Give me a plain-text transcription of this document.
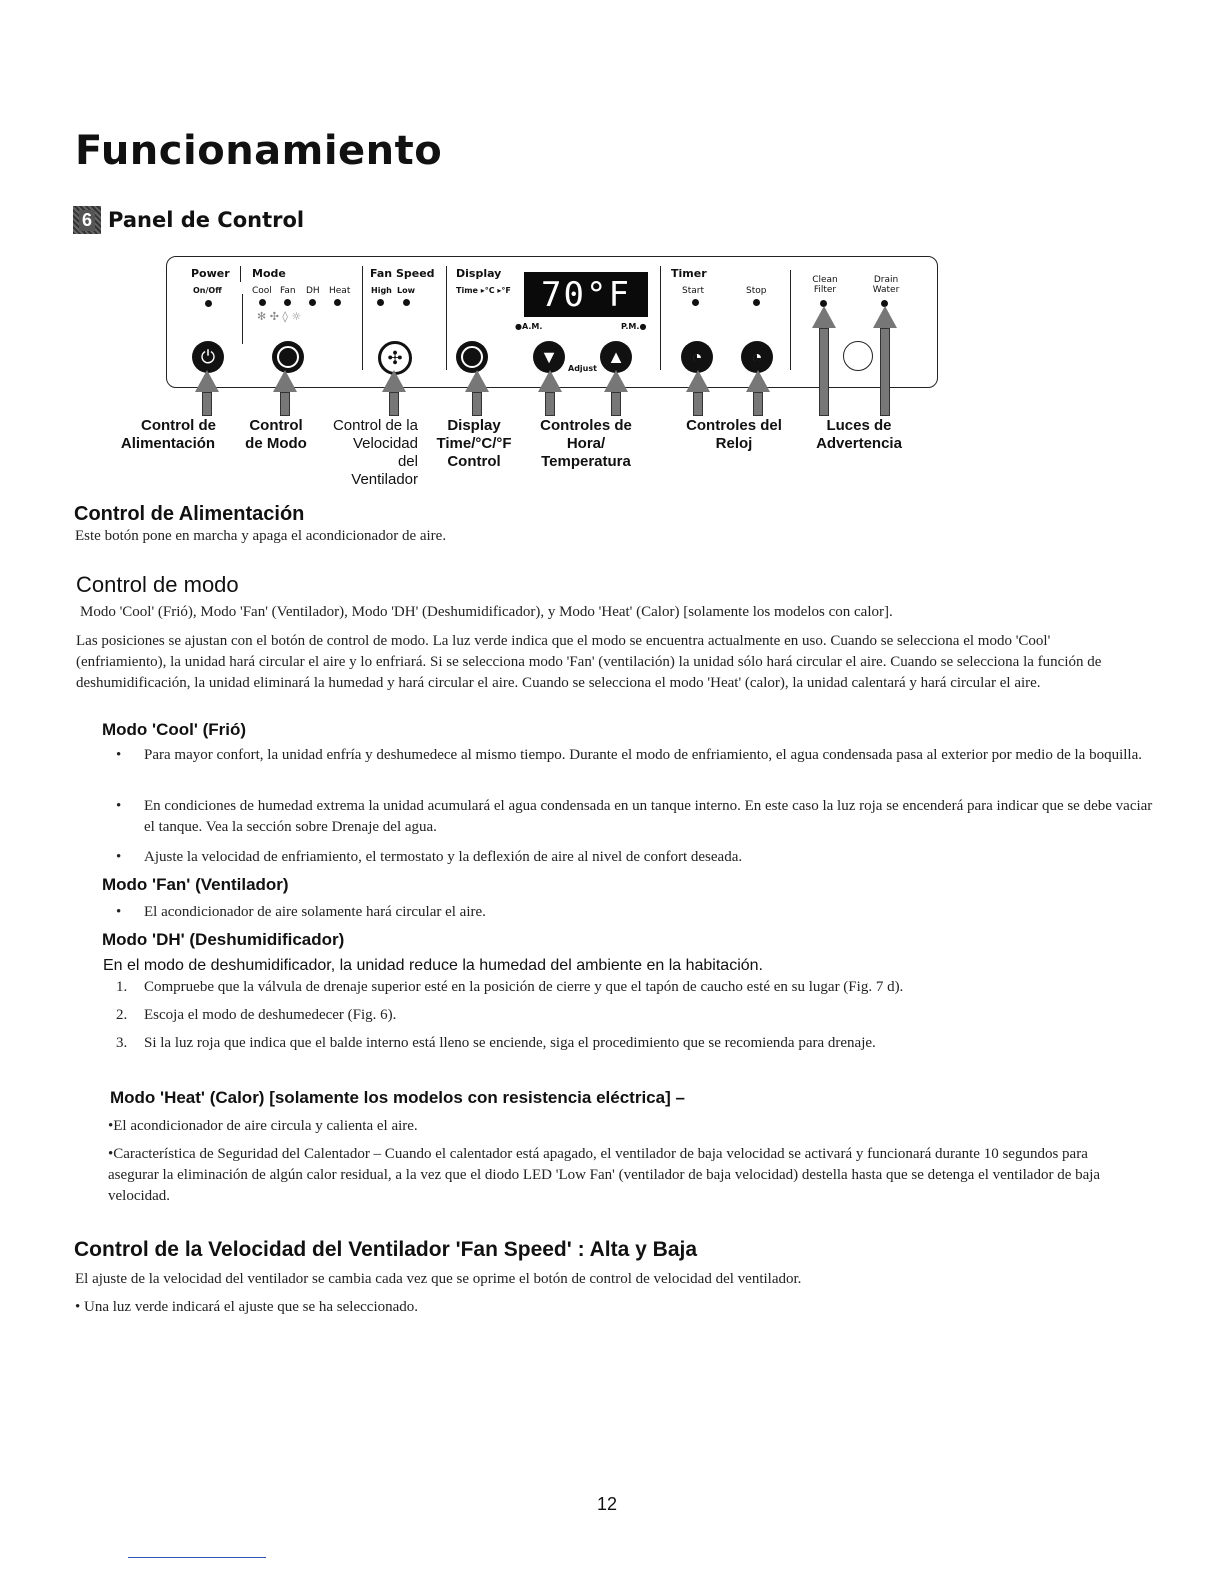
Funcionamiento
6 Panel de Control
Power
On/Off
Mode
Cool Fan DH Heat
✻ ✣ ◊ ☼
Fan Speed
High Low
Display
Time ▸°C ▸°F 70°F
●A.M.	P.M.●
Adjust
Timer
Start	Stop
Clean Filter
Drain Water
⏻	✣	▼	▲	◔	◔
Control de
Alimentación
Control
de Modo
Control de la
Velocidad
del
Ventilador
Display
Time/°C/°F
Control
Controles de
Hora/
Temperatura
Controles del
Reloj
Luces de
Advertencia
Control de Alimentación
Este botón pone en marcha y apaga el acondicionador de aire.
Control de modo
Modo 'Cool' (Frió), Modo 'Fan' (Ventilador), Modo 'DH' (Deshumidificador), y Modo 'Heat' (Calor) [solamente los modelos con calor].
Las posiciones se ajustan con el botón de control de modo. La luz verde indica que el modo se encuentra actualmente en uso. Cuando se selecciona el modo 'Cool' (enfriamiento), la unidad hará circular el aire y lo enfriará. Si se selecciona modo 'Fan' (ventilación) la unidad sólo hará circular el aire. Cuando se selecciona la función de deshumidificación, la unidad eliminará la humedad y hará circular el aire. Cuando se selecciona el modo 'Heat' (calor), la unidad calentará y hará circular el aire.
Modo 'Cool' (Frió)
• Para mayor confort, la unidad enfría y deshumedece al mismo tiempo. Durante el modo de enfriamiento, el agua condensada pasa al exterior por medio de la boquilla.
• En condiciones de humedad extrema la unidad acumulará el agua condensada en un tanque interno. En este caso la luz roja se encenderá para indicar que se debe vaciar el tanque. Vea la sección sobre Drenaje del agua.
• Ajuste la velocidad de enfriamiento, el termostato y la deflexión de aire al nivel de confort deseada.
Modo 'Fan' (Ventilador)
• El acondicionador de aire solamente hará circular el aire.
Modo 'DH' (Deshumidificador)
En el modo de deshumidificador, la unidad reduce la humedad del ambiente en la habitación.
1. Compruebe que la válvula de drenaje superior esté en la posición de cierre y que el tapón de caucho esté en su lugar (Fig. 7 d).
2. Escoja el modo de deshumedecer (Fig. 6).
3. Si la luz roja que indica que el balde interno está lleno se enciende, siga el procedimiento que se recomienda para drenaje.
Modo 'Heat' (Calor) [solamente los modelos con resistencia eléctrica] –
•El acondicionador de aire circula y calienta el aire.
•Característica de Seguridad del Calentador – Cuando el calentador está apagado, el ventilador de baja velocidad se activará y funcionará durante 10 segundos para asegurar la eliminación de algún calor residual, a la vez que el diodo LED 'Low Fan' (ventilador de baja velocidad) destella hasta que se detenga el ventilador de baja velocidad.
Control de la Velocidad del Ventilador 'Fan Speed' : Alta y Baja
El ajuste de la velocidad del ventilador se cambia cada vez que se oprime el botón de control de velocidad del ventilador.
• Una luz verde indicará el ajuste que se ha seleccionado.
12
